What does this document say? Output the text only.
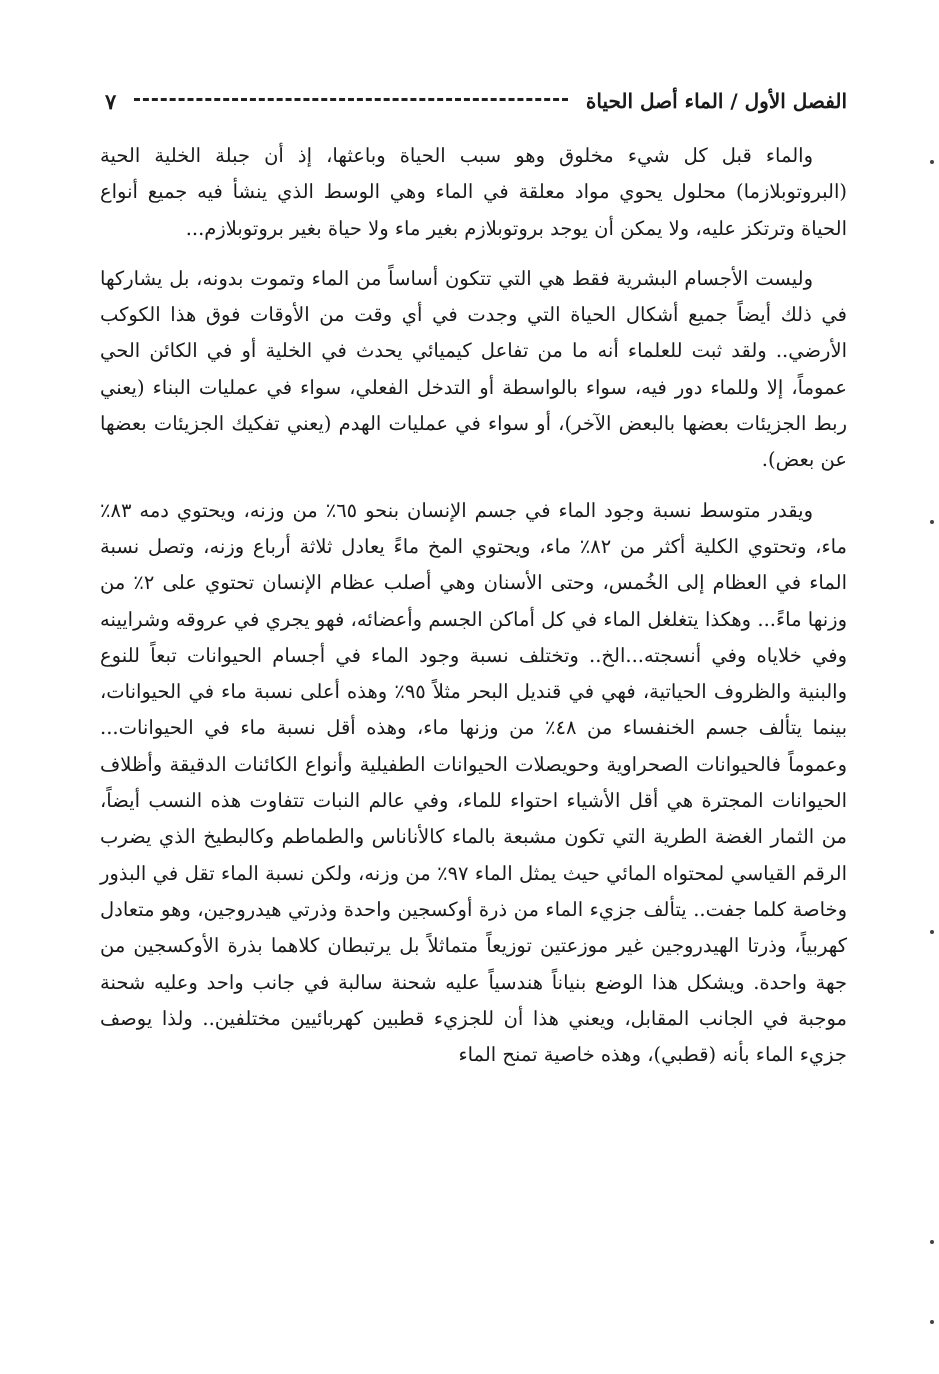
الفصل الأول / الماء أصل الحياة
٧

والماء قبل كل شيء مخلوق وهو سبب الحياة وباعثها، إذ أن جبلة الخلية الحية (البروتوبلازما) محلول يحوي مواد معلقة في الماء وهي الوسط الذي ينشأ فيه جميع أنواع الحياة وترتكز عليه، ولا يمكن أن يوجد بروتوبلازم بغير ماء ولا حياة بغير بروتوبلازم...

وليست الأجسام البشرية فقط هي التي تتكون أساساً من الماء وتموت بدونه، بل يشاركها في ذلك أيضاً جميع أشكال الحياة التي وجدت في أي وقت من الأوقات فوق هذا الكوكب الأرضي.. ولقد ثبت للعلماء أنه ما من تفاعل كيميائي يحدث في الخلية أو في الكائن الحي عموماً، إلا وللماء دور فيه، سواء بالواسطة أو التدخل الفعلي، سواء في عمليات البناء (يعني ربط الجزيئات بعضها بالبعض الآخر)، أو سواء في عمليات الهدم (يعني تفكيك الجزيئات بعضها عن بعض).

ويقدر متوسط نسبة وجود الماء في جسم الإنسان بنحو ٦٥٪ من وزنه، ويحتوي دمه ٨٣٪ ماء، وتحتوي الكلية أكثر من ٨٢٪ ماء، ويحتوي المخ ماءً يعادل ثلاثة أرباع وزنه، وتصل نسبة الماء في العظام إلى الخُمس، وحتى الأسنان وهي أصلب عظام الإنسان تحتوي على ٢٪ من وزنها ماءً... وهكذا يتغلغل الماء في كل أماكن الجسم وأعضائه، فهو يجري في عروقه وشرايينه وفي خلاياه وفي أنسجته...الخ.. وتختلف نسبة وجود الماء في أجسام الحيوانات تبعاً للنوع والبنية والظروف الحياتية، فهي في قنديل البحر مثلاً ٩٥٪ وهذه أعلى نسبة ماء في الحيوانات، بينما يتألف جسم الخنفساء من ٤٨٪ من وزنها ماء، وهذه أقل نسبة ماء في الحيوانات... وعموماً فالحيوانات الصحراوية وحويصلات الحيوانات الطفيلية وأنواع الكائنات الدقيقة وأظلاف الحيوانات المجترة هي أقل الأشياء احتواء للماء، وفي عالم النبات تتفاوت هذه النسب أيضاً، من الثمار الغضة الطرية التي تكون مشبعة بالماء كالأناناس والطماطم وكالبطيخ الذي يضرب الرقم القياسي لمحتواه المائي حيث يمثل الماء ٩٧٪ من وزنه، ولكن نسبة الماء تقل في البذور وخاصة كلما جفت.. يتألف جزيء الماء من ذرة أوكسجين واحدة وذرتي هيدروجين، وهو متعادل كهربياً، وذرتا الهيدروجين غير موزعتين توزيعاً متماثلاً بل يرتبطان كلاهما بذرة الأوكسجين من جهة واحدة. ويشكل هذا الوضع بنياناً هندسياً عليه شحنة سالبة في جانب واحد وعليه شحنة موجبة في الجانب المقابل، ويعني هذا أن للجزيء قطبين كهربائيين مختلفين.. ولذا يوصف جزيء الماء بأنه (قطبي)، وهذه خاصية تمنح الماء
